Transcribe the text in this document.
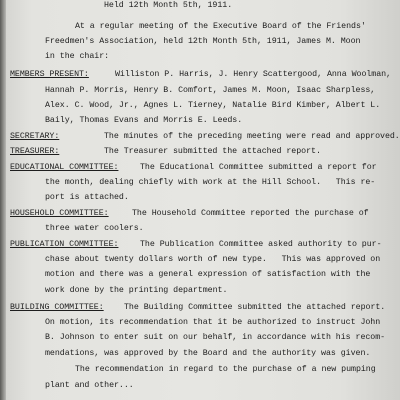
Held 12th Month 5th, 1911.
At a regular meeting of the Executive Board of the Friends'
Freedmen's Association, held 12th Month 5th, 1911, James M. Moon
in the chair:
MEMBERS PRESENT:	Williston P. Harris, J. Henry Scattergood, Anna Woolman,
Hannah P. Morris, Henry B. Comfort, James M. Moon, Isaac Sharpless,
Alex. C. Wood, Jr., Agnes L. Tierney, Natalie Bird Kimber, Albert L.
Baily, Thomas Evans and Morris E. Leeds.
SECRETARY:	The minutes of the preceding meeting were read and approved.
TREASURER:	The Treasurer submitted the attached report.
EDUCATIONAL COMMITTEE:	The Educational Committee submitted a report for
the month, dealing chiefly with work at the Hill School.   This re-
port is attached.
HOUSEHOLD COMMITTEE:	The Household Committee reported the purchase of
three water coolers.
PUBLICATION COMMITTEE:	The Publication Committee asked authority to pur-
chase about twenty dollars worth of new type.   This was approved on
motion and there was a general expression of satisfaction with the
work done by the printing department.
BUILDING COMMITTEE: The Building Committee submitted the attached report.
On motion, its recommendation that it be authorized to instruct John
B. Johnson to enter suit on our behalf, in accordance with his recom-
mendations, was approved by the Board and the authority was given.
The recommendation in regard to the purchase of a new pumping
plant and other...
